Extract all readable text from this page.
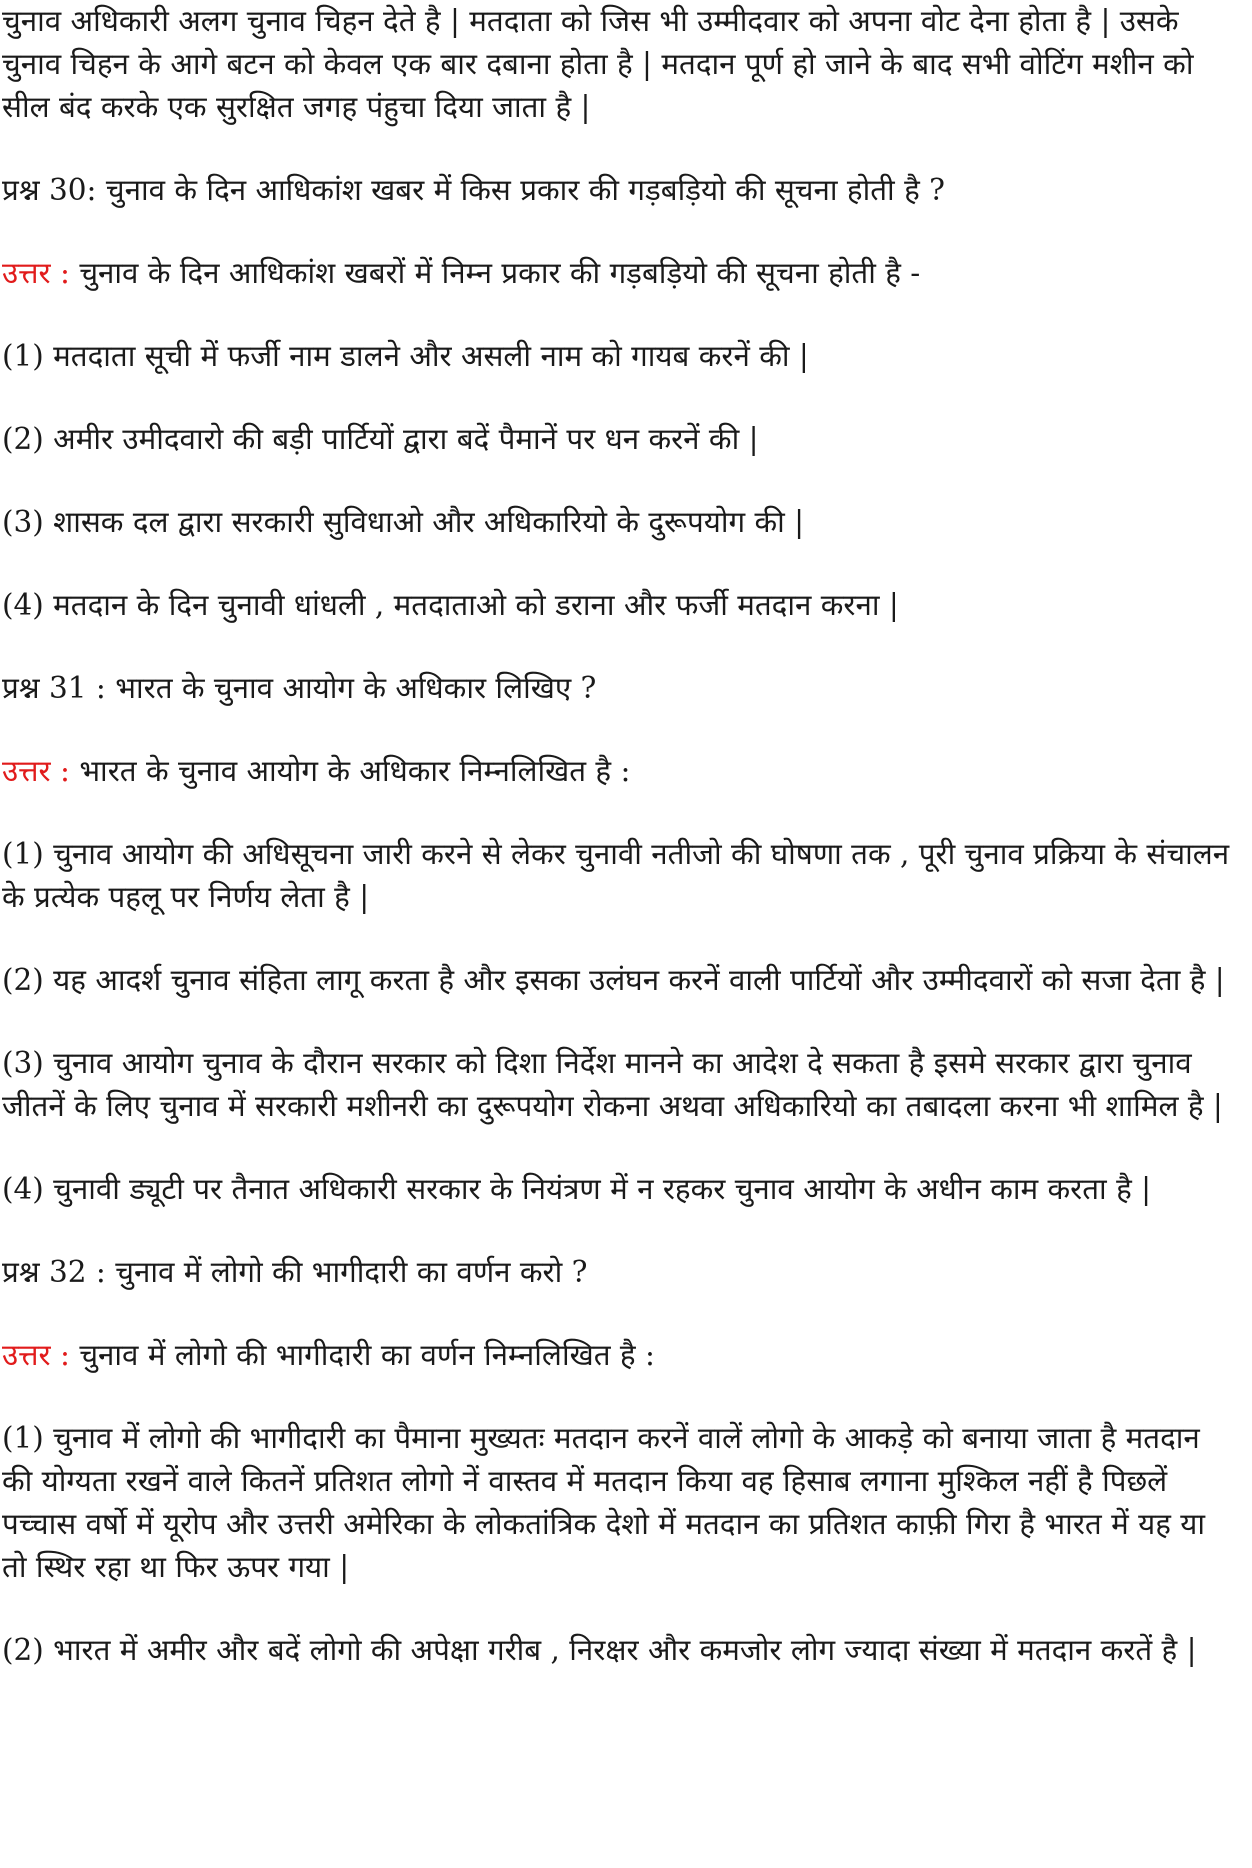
चुनाव अधिकारी अलग चुनाव चिहन देते है | मतदाता को जिस भी उम्मीदवार को अपना वोट देना होता है | उसके चुनाव चिहन के आगे बटन को केवल एक बार दबाना होता है | मतदान पूर्ण हो जाने के बाद सभी वोटिंग मशीन को सील बंद करके एक सुरक्षित जगह पंहुचा दिया जाता है |

प्रश्न 30: चुनाव के दिन आधिकांश खबर में किस प्रकार की गड़बड़ियो की सूचना होती है ?

उत्तर : चुनाव के दिन आधिकांश खबरों में निम्न प्रकार की गड़बड़ियो की सूचना होती है -

(1) मतदाता सूची में फर्जी नाम डालने और असली नाम को गायब करनें की |

(2) अमीर उमीदवारो की बड़ी पार्टियों द्वारा बदें पैमानें पर धन करनें की |

(3) शासक दल द्वारा सरकारी सुविधाओ और अधिकारियो के दुरूपयोग की |

(4) मतदान के दिन चुनावी धांधली , मतदाताओ को डराना और फर्जी मतदान करना |

प्रश्न 31 : भारत के चुनाव आयोग के अधिकार लिखिए ?

उत्तर : भारत के चुनाव आयोग के अधिकार निम्नलिखित है :

(1) चुनाव आयोग की अधिसूचना जारी करने से लेकर चुनावी नतीजो की घोषणा तक , पूरी चुनाव प्रक्रिया के संचालन के प्रत्येक पहलू पर निर्णय लेता है |

(2) यह आदर्श चुनाव संहिता लागू करता है और इसका उलंघन करनें वाली पार्टियों और उम्मीदवारों को सजा देता है |

(3) चुनाव आयोग चुनाव के दौरान सरकार को दिशा निर्देश मानने का आदेश दे सकता है इसमे सरकार द्वारा चुनाव जीतनें के लिए चुनाव में सरकारी मशीनरी का दुरूपयोग रोकना अथवा अधिकारियो का तबादला करना भी शामिल है |

(4) चुनावी ड्यूटी पर तैनात अधिकारी सरकार के नियंत्रण में न रहकर चुनाव आयोग के अधीन काम करता है |

प्रश्न 32 : चुनाव में लोगो की भागीदारी का वर्णन करो ?

उत्तर : चुनाव में लोगो की भागीदारी का वर्णन निम्नलिखित है :

(1) चुनाव में लोगो की भागीदारी का पैमाना मुख्यतः मतदान करनें वालें लोगो के आकड़े को बनाया जाता है मतदान की योग्यता रखनें वाले कितनें प्रतिशत लोगो नें वास्तव में मतदान किया वह हिसाब लगाना मुश्किल नहीं है पिछलें पच्चास वर्षो में यूरोप और उत्तरी अमेरिका के लोकतांत्रिक देशो में मतदान का प्रतिशत काफ़ी गिरा है भारत में यह या तो स्थिर रहा था फिर ऊपर गया |

(2) भारत में अमीर और बदें लोगो की अपेक्षा गरीब , निरक्षर और कमजोर लोग ज्यादा संख्या में मतदान करतें है |
